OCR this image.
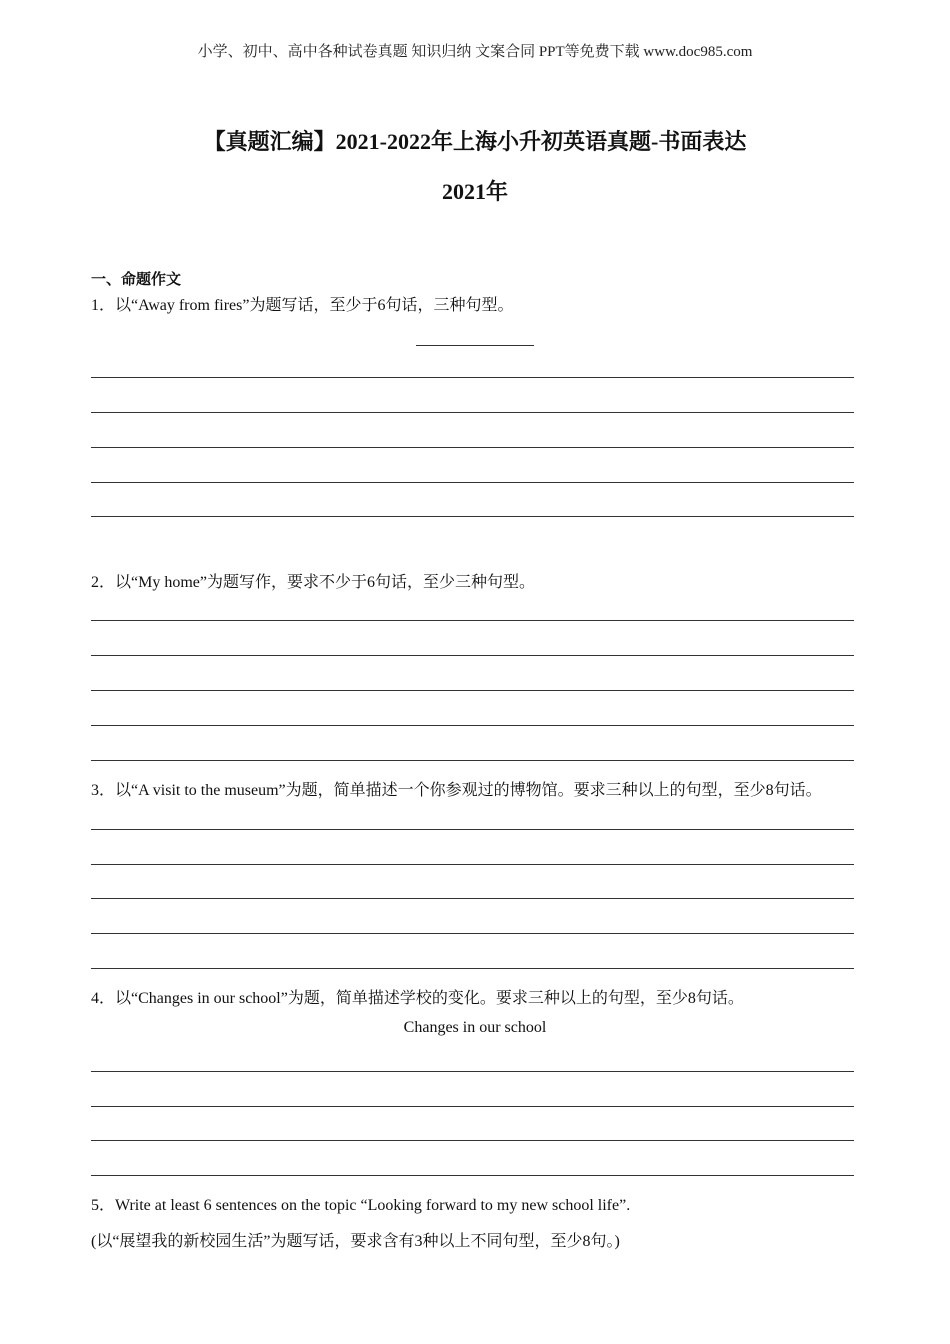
小学、初中、高中各种试卷真题 知识归纳 文案合同 PPT等免费下载 www.doc985.com
【真题汇编】2021-2022年上海小升初英语真题-书面表达
2021年
一、命题作文
1．以“Away from fires”为题写话，至少于6句话，三种句型。
2．以“My home”为题写作，要求不少于6句话，至少三种句型。
3．以“A visit to the museum”为题，简单描述一个你参观过的博物馆。要求三种以上的句型，至少8句话。
4．以“Changes in our school”为题，简单描述学校的变化。要求三种以上的句型，至少8句话。
Changes in our school
5．Write at least 6 sentences on the topic “Looking forward to my new school life”.
(以“展望我的新校园生活”为题写话，要求含有3种以上不同句型，至少8句。)
